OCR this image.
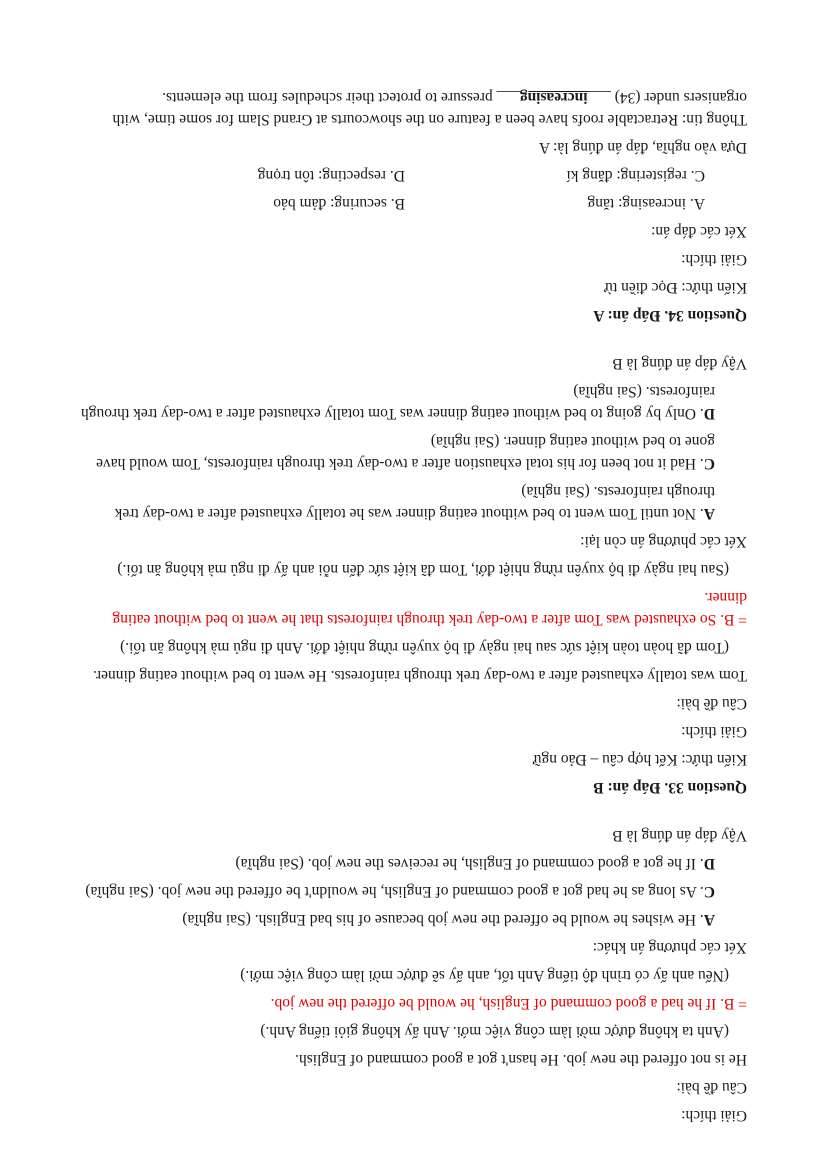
Giải thích:
Câu đề bài:
He is not offered the new job. He hasn't got a good command of English.
(Anh ta không được mời làm công việc mới. Anh ấy không giỏi tiếng Anh.)
= B. If he had a good command of English, he would be offered the new job.
(Nếu anh ấy có trình độ tiếng Anh tốt, anh ấy sẽ được mời làm công việc mới.)
Xét các phương án khác:
A. He wishes he would be offered the new job because of his bad English. (Sai nghĩa)
C. As long as he had got a good command of English, he wouldn't be offered the new job. (Sai nghĩa)
D. If he got a good command of English, he receives the new job. (Sai nghĩa)
Vậy đáp án đúng là B
Question 33. Đáp án: B
Kiến thức: Kết hợp câu – Đảo ngữ
Giải thích:
Câu đề bài:
Tom was totally exhausted after a two-day trek through rainforests. He went to bed without eating dinner.
(Tom đã hoàn toàn kiệt sức sau hai ngày đi bộ xuyên rừng nhiệt đới. Anh đi ngủ mà không ăn tối.)
= B. So exhausted was Tom after a two-day trek through rainforests that he went to bed without eating dinner.
(Sau hai ngày đi bộ xuyên rừng nhiệt đới, Tom đã kiệt sức đến nỗi anh ấy đi ngủ mà không ăn tối.)
Xét các phương án còn lại:
A. Not until Tom went to bed without eating dinner was he totally exhausted after a two-day trek through rainforests. (Sai nghĩa)
C. Had it not been for his total exhaustion after a two-day trek through rainforests, Tom would have gone to bed without eating dinner. (Sai nghĩa)
D. Only by going to bed without eating dinner was Tom totally exhausted after a two-day trek through rainforests. (Sai nghĩa)
Vậy đáp án đúng là B
Question 34. Đáp án: A
Kiến thức: Đọc điền từ
Giải thích:
Xét các đáp án:
A. increasing: tăng
B. securing: đảm bảo
C. registering: đăng kí
D. respecting: tôn trọng
Dựa vào nghĩa, đáp án đúng là: A
Thông tin: Retractable roofs have been a feature on the showcourts at Grand Slam for some time, with organisers under (34) ___increasing___ pressure to protect their schedules from the elements.
